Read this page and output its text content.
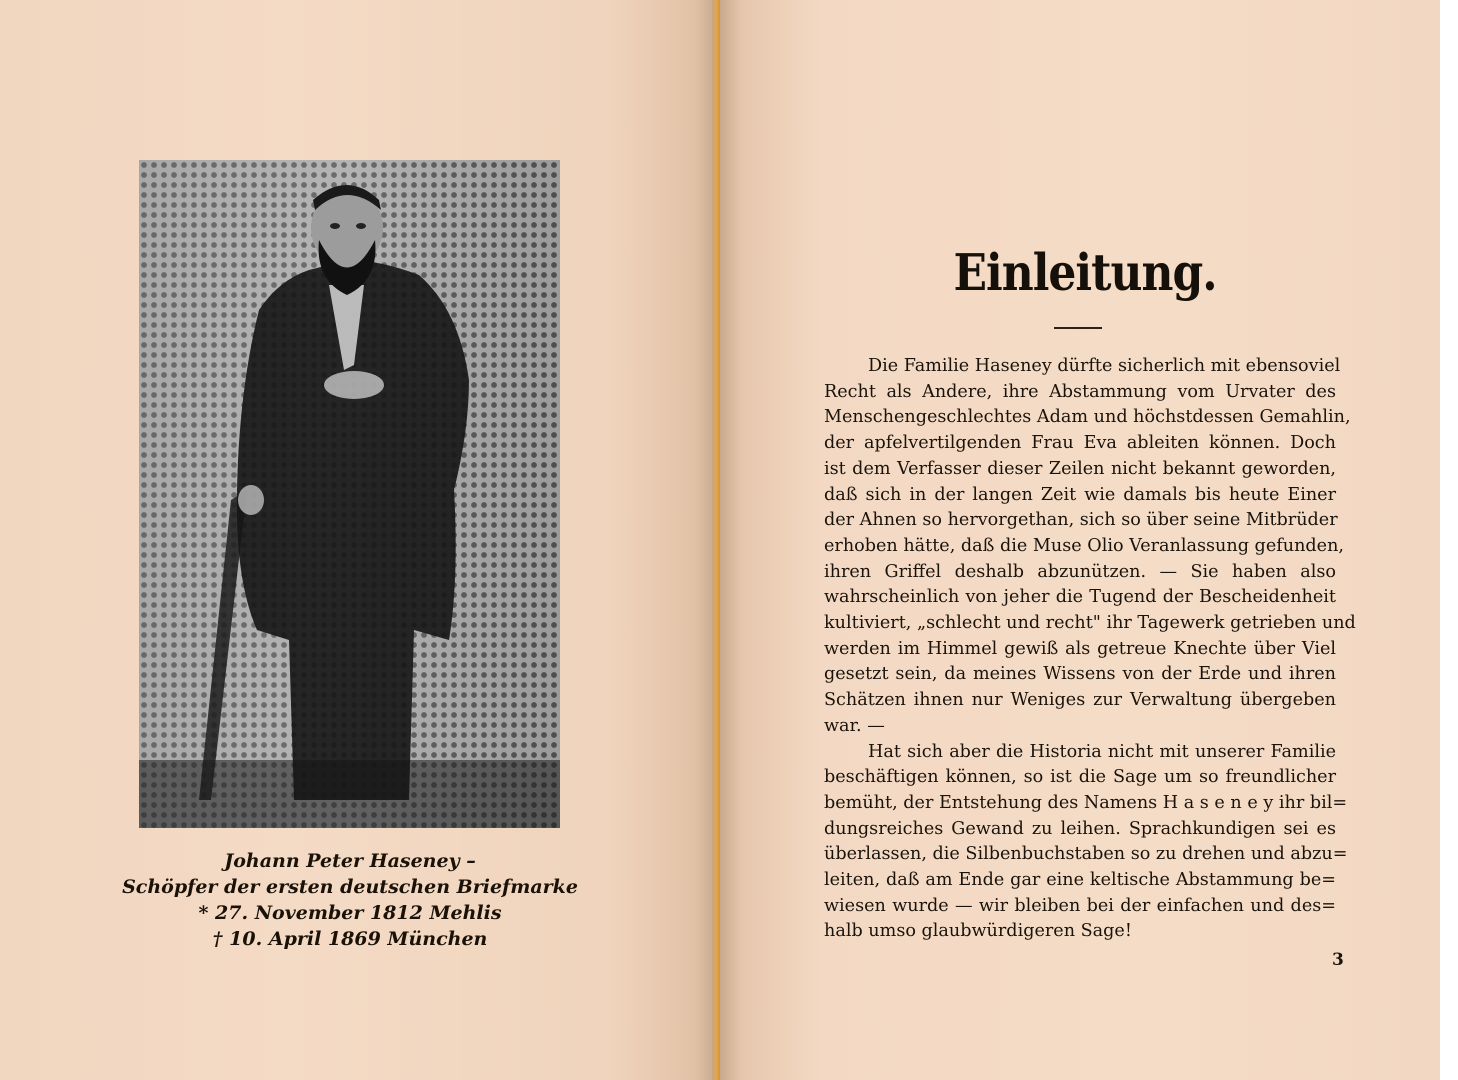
Johann Peter Haseney –
Schöpfer der ersten deutschen Briefmarke
* 27. November 1812 Mehlis
† 10. April 1869 München
Einleitung.
Die Familie Haseney dürfte sicherlich mit ebensoviel
Recht als Andere, ihre Abstammung vom Urvater des
Menschengeschlechtes Adam und höchstdessen Gemahlin,
der apfelvertilgenden Frau Eva ableiten können. Doch
ist dem Verfasser dieser Zeilen nicht bekannt geworden,
daß sich in der langen Zeit wie damals bis heute Einer
der Ahnen so hervorgethan, sich so über seine Mitbrüder
erhoben hätte, daß die Muse Olio Veranlassung gefunden,
ihren Griffel deshalb abzunützen. — Sie haben also
wahrscheinlich von jeher die Tugend der Bescheidenheit
kultiviert, „schlecht und recht" ihr Tagewerk getrieben und
werden im Himmel gewiß als getreue Knechte über Viel
gesetzt sein, da meines Wissens von der Erde und ihren
Schätzen ihnen nur Weniges zur Verwaltung übergeben
war. —
Hat sich aber die Historia nicht mit unserer Familie
beschäftigen können, so ist die Sage um so freundlicher
bemüht, der Entstehung des Namens H a s e n e y ihr bil=
dungsreiches Gewand zu leihen. Sprachkundigen sei es
überlassen, die Silbenbuchstaben so zu drehen und abzu=
leiten, daß am Ende gar eine keltische Abstammung be=
wiesen wurde — wir bleiben bei der einfachen und des=
halb umso glaubwürdigeren Sage!
3
